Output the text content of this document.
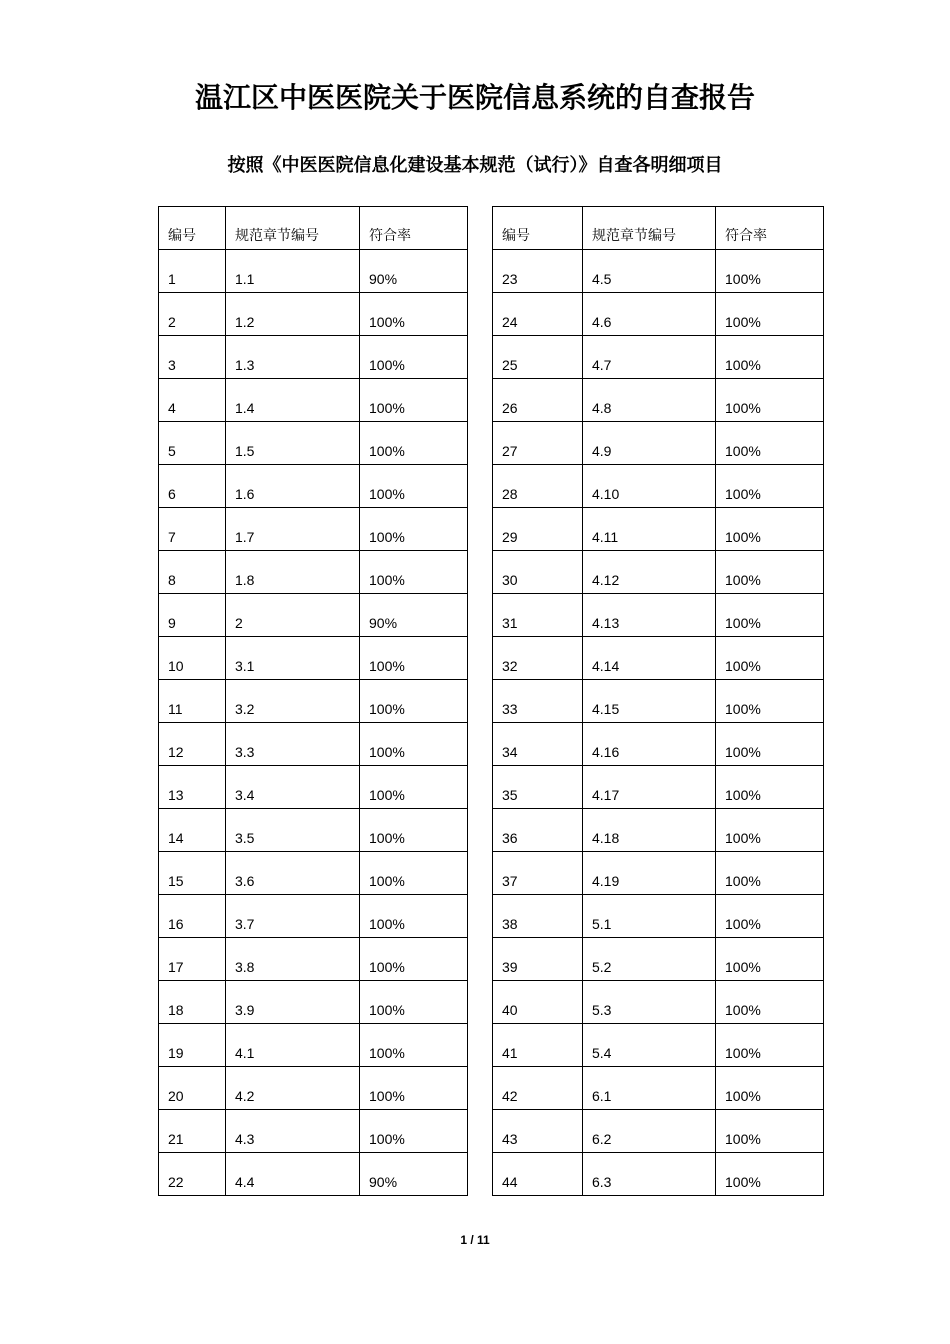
温江区中医医院关于医院信息系统的自查报告
按照《中医医院信息化建设基本规范（试行）》自查各明细项目
编号	规范章节编号	符合率
1	1.1	90%
2	1.2	100%
3	1.3	100%
4	1.4	100%
5	1.5	100%
6	1.6	100%
7	1.7	100%
8	1.8	100%
9	2	90%
10	3.1	100%
11	3.2	100%
12	3.3	100%
13	3.4	100%
14	3.5	100%
15	3.6	100%
16	3.7	100%
17	3.8	100%
18	3.9	100%
19	4.1	100%
20	4.2	100%
21	4.3	100%
22	4.4	90%
编号	规范章节编号	符合率
23	4.5	100%
24	4.6	100%
25	4.7	100%
26	4.8	100%
27	4.9	100%
28	4.10	100%
29	4.11	100%
30	4.12	100%
31	4.13	100%
32	4.14	100%
33	4.15	100%
34	4.16	100%
35	4.17	100%
36	4.18	100%
37	4.19	100%
38	5.1	100%
39	5.2	100%
40	5.3	100%
41	5.4	100%
42	6.1	100%
43	6.2	100%
44	6.3	100%
1 / 11
